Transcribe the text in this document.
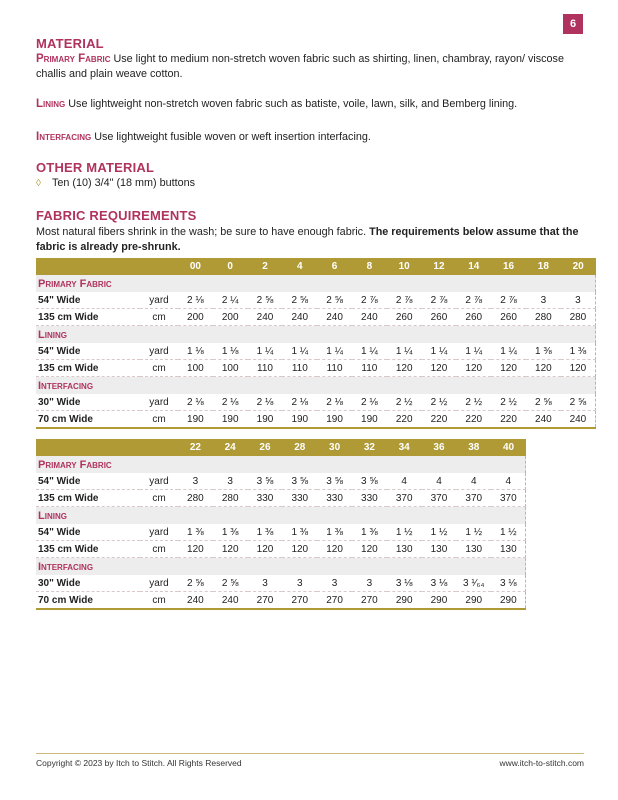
6
MATERIAL
Primary Fabric Use light to medium non-stretch woven fabric such as shirting, linen, chambray, rayon/ viscose challis and plain weave cotton.
Lining Use lightweight non-stretch woven fabric such as batiste, voile, lawn, silk, and Bemberg lining.
Interfacing Use lightweight fusible woven or weft insertion interfacing.
OTHER MATERIAL
◊ Ten (10) 3/4" (18 mm) buttons
FABRIC REQUIREMENTS
Most natural fibers shrink in the wash; be sure to have enough fabric. The requirements below assume that the fabric is already pre-shrunk.
		00	0	2	4	6	8	10	12	14	16	18	20
Primary Fabric													
54" Wide	yard	2 ⅛	2 ¼	2 ⅝	2 ⅝	2 ⅝	2 ⅞	2 ⅞	2 ⅞	2 ⅞	2 ⅞	3	3
135 cm Wide	cm	200	200	240	240	240	240	260	260	260	260	280	280
Lining													
54" Wide	yard	1 ⅛	1 ⅛	1 ¼	1 ¼	1 ¼	1 ¼	1 ¼	1 ¼	1 ¼	1 ¼	1 ⅜	1 ⅜
135 cm Wide	cm	100	100	110	110	110	110	120	120	120	120	120	120
Interfacing													
30" Wide	yard	2 ⅛	2 ⅛	2 ⅛	2 ⅛	2 ⅛	2 ⅛	2 ½	2 ½	2 ½	2 ½	2 ⅝	2 ⅝
70 cm Wide	cm	190	190	190	190	190	190	220	220	220	220	240	240
		22	24	26	28	30	32	34	36	38	40
Primary Fabric											
54" Wide	yard	3	3	3 ⅝	3 ⅝	3 ⅝	3 ⅝	4	4	4	4
135 cm Wide	cm	280	280	330	330	330	330	370	370	370	370
Lining											
54" Wide	yard	1 ⅜	1 ⅜	1 ⅜	1 ⅜	1 ⅜	1 ⅜	1 ½	1 ½	1 ½	1 ½
135 cm Wide	cm	120	120	120	120	120	120	130	130	130	130
Interfacing											
30" Wide	yard	2 ⅝	2 ⅝	3	3	3	3	3 ⅛	3 ⅛	3 ¹⁄₆₄	3 ⅛
70 cm Wide	cm	240	240	270	270	270	270	290	290	290	290
Copyright © 2023 by Itch to Stitch. All Rights Reserved	www.itch-to-stitch.com
